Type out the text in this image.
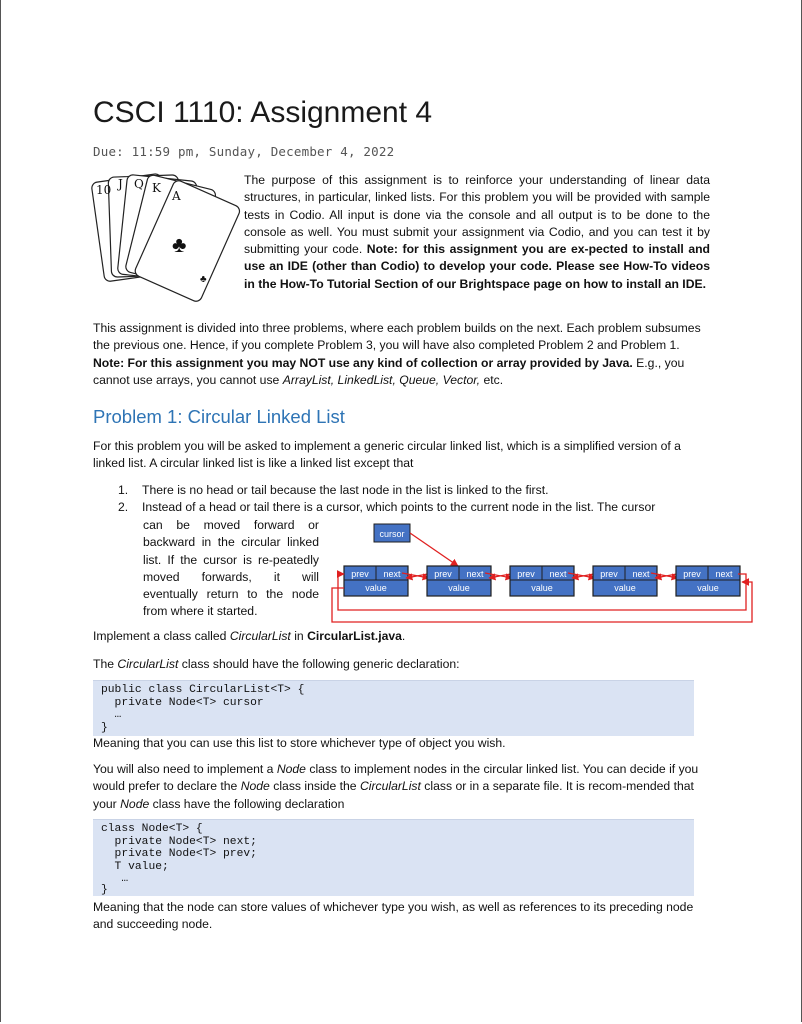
CSCI 1110: Assignment 4
Due: 11:59 pm, Sunday, December 4, 2022
10 J Q K
A
♣
♣

The purpose of this assignment is to reinforce your understanding of linear data structures, in particular, linked lists. For this problem you will be provided with sample tests in Codio. All input is done via the console and all output is to be done to the console as well. You must submit your assignment via Codio, and you can test it by submitting your code. Note: for this assignment you are ex-pected to install and use an IDE (other than Codio) to develop your code. Please see How-To videos in the How-To Tutorial Section of our Brightspace page on how to install an IDE.

This assignment is divided into three problems, where each problem builds on the next. Each problem subsumes the previous one. Hence, if you complete Problem 3, you will have also completed Problem 2 and Problem 1. Note: For this assignment you may NOT use any kind of collection or array provided by Java. E.g., you cannot use arrays, you cannot use ArrayList, LinkedList, Queue, Vector, etc.

Problem 1: Circular Linked List

For this problem you will be asked to implement a generic circular linked list, which is a simplified version of a linked list. A circular linked list is like a linked list except that

1. There is no head or tail because the last node in the list is linked to the first.
2. Instead of a head or tail there is a cursor, which points to the current node in the list. The cursor
can be moved forward or backward in the circular linked list. If the cursor is re-peatedly moved forwards, it will eventually return to the node from where it started.
cursor
prev next
value
prev next
value
prev next
value
prev next
value
prev next
value

Implement a class called CircularList in CircularList.java.

The CircularList class should have the following generic declaration:

public class CircularList<T> {
private Node<T> cursor
…
}

Meaning that you can use this list to store whichever type of object you wish.

You will also need to implement a Node class to implement nodes in the circular linked list. You can decide if you would prefer to declare the Node class inside the CircularList class or in a separate file. It is recom-mended that your Node class have the following declaration

class Node<T> {
private Node<T> next;
private Node<T> prev;
T value;
…
}

Meaning that the node can store values of whichever type you wish, as well as references to its preceding node and succeeding node.
